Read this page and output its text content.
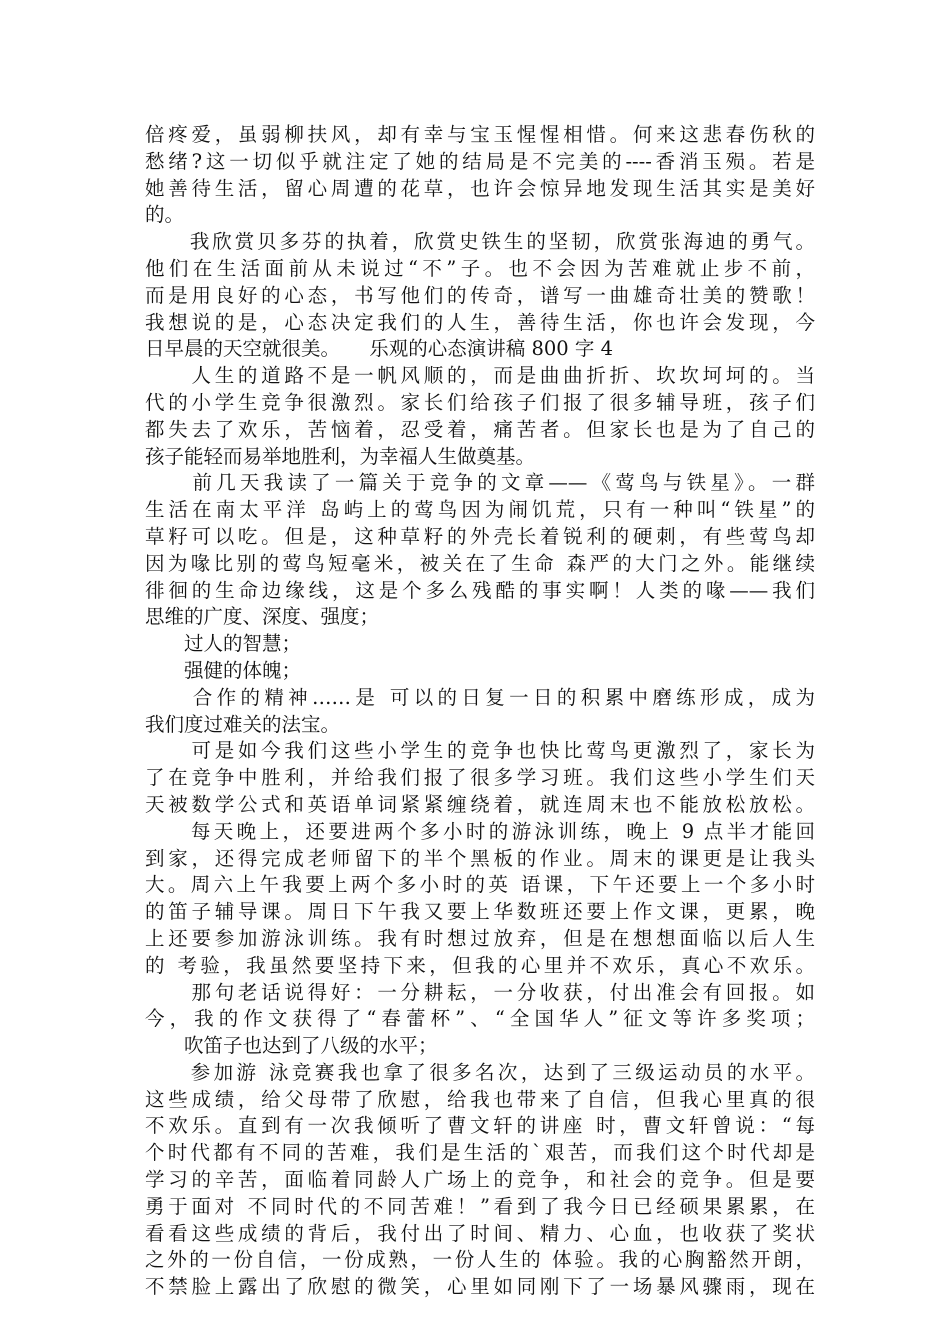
倍疼爱，虽弱柳扶风，却有幸与宝玉惺惺相惜。何来这悲春伤秋的
愁绪?这一切似乎就注定了她的结局是不完美的----香消玉殒。若是
她善待生活，留心周遭的花草，也许会惊异地发现生活其实是美好
的。
　　我欣赏贝多芬的执着，欣赏史铁生的坚韧，欣赏张海迪的勇气。
他们在生活面前从未说过“不”子。也不会因为苦难就止步不前，
而是用良好的心态，书写他们的传奇，谱写一曲雄奇壮美的赞歌！
我想说的是，心态决定我们的人生，善待生活，你也许会发现，今
日早晨的天空就很美。　　乐观的心态演讲稿 800 字 4
　　人生的道路不是一帆风顺的，而是曲曲折折、坎坎坷坷的。当
代的小学生竞争很激烈。家长们给孩子们报了很多辅导班，孩子们
都失去了欢乐，苦恼着，忍受着，痛苦者。但家长也是为了自己的
孩子能轻而易举地胜利，为幸福人生做奠基。
　　前几天我读了一篇关于竞争的文章——《莺鸟与铁星》。一群
生活在南太平洋 岛屿上的莺鸟因为闹饥荒，只有一种叫“铁星”的
草籽可以吃。但是，这种草籽的外壳长着锐利的硬刺，有些莺鸟却
因为喙比别的莺鸟短毫米，被关在了生命 森严的大门之外。能继续
徘徊的生命边缘线，这是个多么残酷的事实啊！人类的喙——我们
思维的广度、深度、强度；
　　过人的智慧；
　　强健的体魄；
　　合作的精神……是 可以的日复一日的积累中磨练形成，成为
我们度过难关的法宝。
　　可是如今我们这些小学生的竞争也快比莺鸟更激烈了，家长为
了在竞争中胜利，并给我们报了很多学习班。我们这些小学生们天
天被数学公式和英语单词紧紧缠绕着，就连周末也不能放松放松。
　　每天晚上，还要进两个多小时的游泳训练，晚上 9 点半才能回
到家，还得完成老师留下的半个黑板的作业。周末的课更是让我头
大。周六上午我要上两个多小时的英 语课，下午还要上一个多小时
的笛子辅导课。周日下午我又要上华数班还要上作文课，更累，晚
上还要参加游泳训练。我有时想过放弃，但是在想想面临以后人生
的 考验，我虽然要坚持下来，但我的心里并不欢乐，真心不欢乐。
　　那句老话说得好：一分耕耘，一分收获，付出准会有回报。如
今，我的作文获得了“春蕾杯”、“全国华人”征文等许多奖项；
　　吹笛子也达到了八级的水平；
　　参加游 泳竞赛我也拿了很多名次，达到了三级运动员的水平。
这些成绩，给父母带了欣慰，给我也带来了自信，但我心里真的很
不欢乐。直到有一次我倾听了曹文轩的讲座 时，曹文轩曾说：“每
个时代都有不同的苦难，我们是生活的`艰苦，而我们这个时代却是
学习的辛苦，面临着同龄人广场上的竞争，和社会的竞争。但是要
勇于面对 不同时代的不同苦难！”看到了我今日已经硕果累累，在
看看这些成绩的背后，我付出了时间、精力、心血，也收获了奖状
之外的一份自信，一份成熟，一份人生的 体验。我的心胸豁然开朗，
不禁脸上露出了欣慰的微笑，心里如同刚下了一场暴风骤雨，现在
